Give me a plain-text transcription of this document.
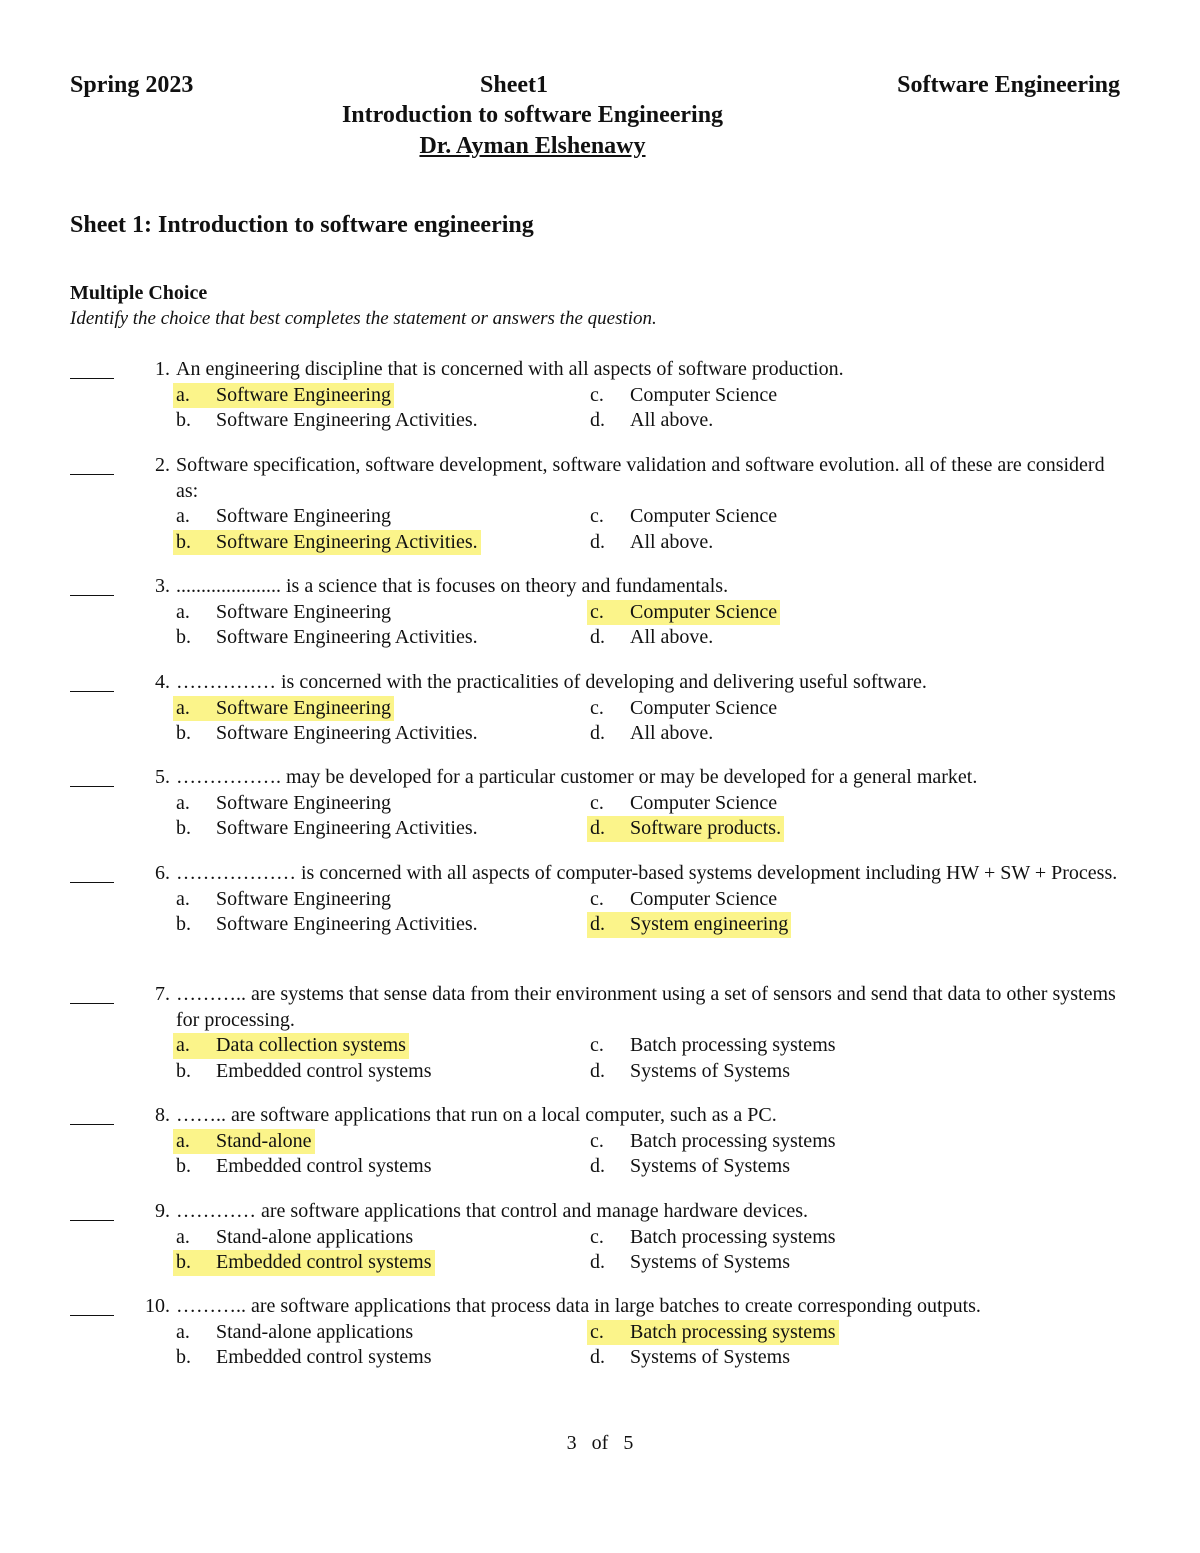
Spring 2023	Sheet1	Software Engineering
Introduction to software Engineering
Dr. Ayman Elshenawy
Sheet 1: Introduction to software engineering
Multiple Choice
Identify the choice that best completes the statement or answers the question.
1. An engineering discipline that is concerned with all aspects of software production.
a. Software Engineering
b. Software Engineering Activities.
c. Computer Science
d. All above.
2. Software specification, software development, software validation and software evolution. all of these are considerd as:
a. Software Engineering
b. Software Engineering Activities.
c. Computer Science
d. All above.
3. ..................... is a science that is focuses on theory and fundamentals.
a. Software Engineering
b. Software Engineering Activities.
c. Computer Science
d. All above.
4. …………… is concerned with the practicalities of developing and delivering useful software.
a. Software Engineering
b. Software Engineering Activities.
c. Computer Science
d. All above.
5. ……………. may be developed for a particular customer or may be developed for a general market.
a. Software Engineering
b. Software Engineering Activities.
c. Computer Science
d. Software products.
6. ……………… is concerned with all aspects of computer-based systems development including HW + SW + Process.
a. Software Engineering
b. Software Engineering Activities.
c. Computer Science
d. System engineering
7. ……….. are systems that sense data from their environment using a set of sensors and send that data to other systems for processing.
a. Data collection systems
b. Embedded control systems
c. Batch processing systems
d. Systems of Systems
8. …….. are software applications that run on a local computer, such as a PC.
a. Stand-alone
b. Embedded control systems
c. Batch processing systems
d. Systems of Systems
9. ………… are software applications that control and manage hardware devices.
a. Stand-alone applications
b. Embedded control systems
c. Batch processing systems
d. Systems of Systems
10. ……….. are software applications that process data in large batches to create corresponding outputs.
a. Stand-alone applications
b. Embedded control systems
c. Batch processing systems
d. Systems of Systems
3 of 5
